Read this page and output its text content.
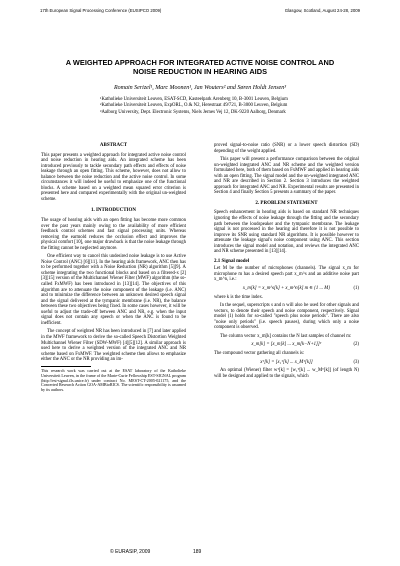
17th European Signal Processing Conference (EUSIPCO 2009)	Glasgow, Scotland, August 24-28, 2009
A WEIGHTED APPROACH FOR INTEGRATED ACTIVE NOISE CONTROL AND
NOISE REDUCTION IN HEARING AIDS
Romain Serizel¹, Marc Moonen¹, Jan Wouters² and Søren Holdt Jensen³
¹Katholieke Universiteit Leuven, ESAT-SCD, Kasteelpark Arenberg 10, B-3001 Leuven, Belgium
²Katholieke Universiteit Leuven, ExpORL, O.& N2, Herestraat 49/721, B-3000 Leuven, Belgium
³Aalborg University, Dept. Electronic Systems, Niels Jernes Vej 12, DK-9220 Aalborg, Denmark
ABSTRACT

This paper presents a weighted approach for integrated active noise control and noise reduction in hearing aids. An integrated scheme has been introduced previously to tackle secondary path effects and effects of noise leakage through an open fitting. This scheme, however, does not allow to balance between the noise reduction and the active noise control. In some circumstances it will indeed be useful to emphasize one of the functional blocks. A scheme based on a weighted mean squared error criterion is presented here and compared experimentally with the original un-weighted scheme.

1. INTRODUCTION

The usage of hearing aids with an open fitting has become more common over the past years mainly owing to the availability of more efficient feedback control schemes and fast signal processing units. Whereas removing the earmold reduces the occlusion effect and improves the physical comfort [10], one major drawback is that the noise leakage through the fitting cannot be neglected anymore.

One efficient way to cancel this undesired noise leakage is to use Active Noise Control (ANC) [6][11]. In the hearing aids framework, ANC then has to be performed together with a Noise Reduction (NR) algorithm [5][9]. A scheme integrating the two functional blocks and based on a filtered-x [2][3][15] version of the Multichannel Wiener Filter (MWF) algorithm (the so-called FxMWF) has been introduced in [13][14]. The objectives of this algorithm are to attenuate the noise component of the leakage (i.e. ANC) and to minimize the difference between an unknown desired speech signal and the signal delivered at the tympanic membrane (i.e. NR), the balance between these two objectives being fixed. In some cases however, it will be useful to adjust the trade-off between ANC and NR, e.g. when the input signal does not contain any speech or when the ANC is found to be inefficient.

The concept of weighted NR has been introduced in [7] and later applied in the MWF framework to derive the so-called Speech Distortion Weighted Multichannel Wiener Filter (SDW-MWF) [4][5][12]. A similar approach is used here to derive a weighted version of the integrated ANC and NR scheme based on FxMWF. The weighted scheme then allows to emphasize either the ANC or the NR providing an im-

This research work was carried out at the ESAT laboratory of the Katholieke Universiteit Leuven, in the frame of the Marie-Curie Fellowship EST-SIGNAL program (http://est-signal.i3s.unice.fr) under contract No. MEST-CT-2005-021175, and the Concerted Research Action GOA-AMBioRICS. The scientific responsibility is assumed by its authors.

proved signal-to-noise ratio (SNR) or a lower speech distortion (SD) depending of the weight applied.

This paper will present a performance comparison between the original un-weighted integrated ANC and NR scheme and the weighted version formulated here, both of them based on FxMWF and applied in hearing aids with an open fitting. The signal model and the un-weighted integrated ANC and NR are described in Section 2. Section 3 introduces the weighted approach for integrated ANC and NR. Experimental results are presented in Section 4 and finally Section 5 presents a summary of the paper.

2. PROBLEM STATEMENT

Speech enhancement in hearing aids is based on standard NR techniques ignoring the effects of noise leakage through the fitting and the secondary path between the loudspeaker and the tympanic membrane. The leakage signal is not processed in the hearing aid therefore it is not possible to improve its SNR using standard NR algorithms. It is possible however to attenuate the leakage signal's noise component using ANC. This section introduces the signal model and notation, and reviews the integrated ANC and NR scheme presented in [13][14].

2.1 Signal model

Let M be the number of microphones (channels). The signal x_m for microphone m has a desired speech part x_m^s and an additive noise part x_m^n, i.e.:

x_m[k] = x_m^s[k] + x_m^n[k] m ∈ {1 ... M}	(1)

where k is the time index.

In the sequel, superscripts s and n will also be used for other signals and vectors, to denote their speech and noise component, respectively. Signal model (1) holds for so-called "speech plus noise periods". There are also "noise only periods" (i.e. speech pauses), during which only a noise component is observed.

The column vector x_m[k] contains the N last samples of channel m:

x_m[k] = [x_m[k] ... x_m[k−N+1]]ᵀ	(2)

The compound vector gathering all channels is:

xᵀ[k] = [x₁ᵀ[k] ... x_Mᵀ[k]]	(3)

An optimal (Wiener) filter wᵀ[k] = [w₁ᵀ[k] ... w_Mᵀ[k]] (of length N) will be designed and applied to the signals, which

© EURASIP, 2009	189
